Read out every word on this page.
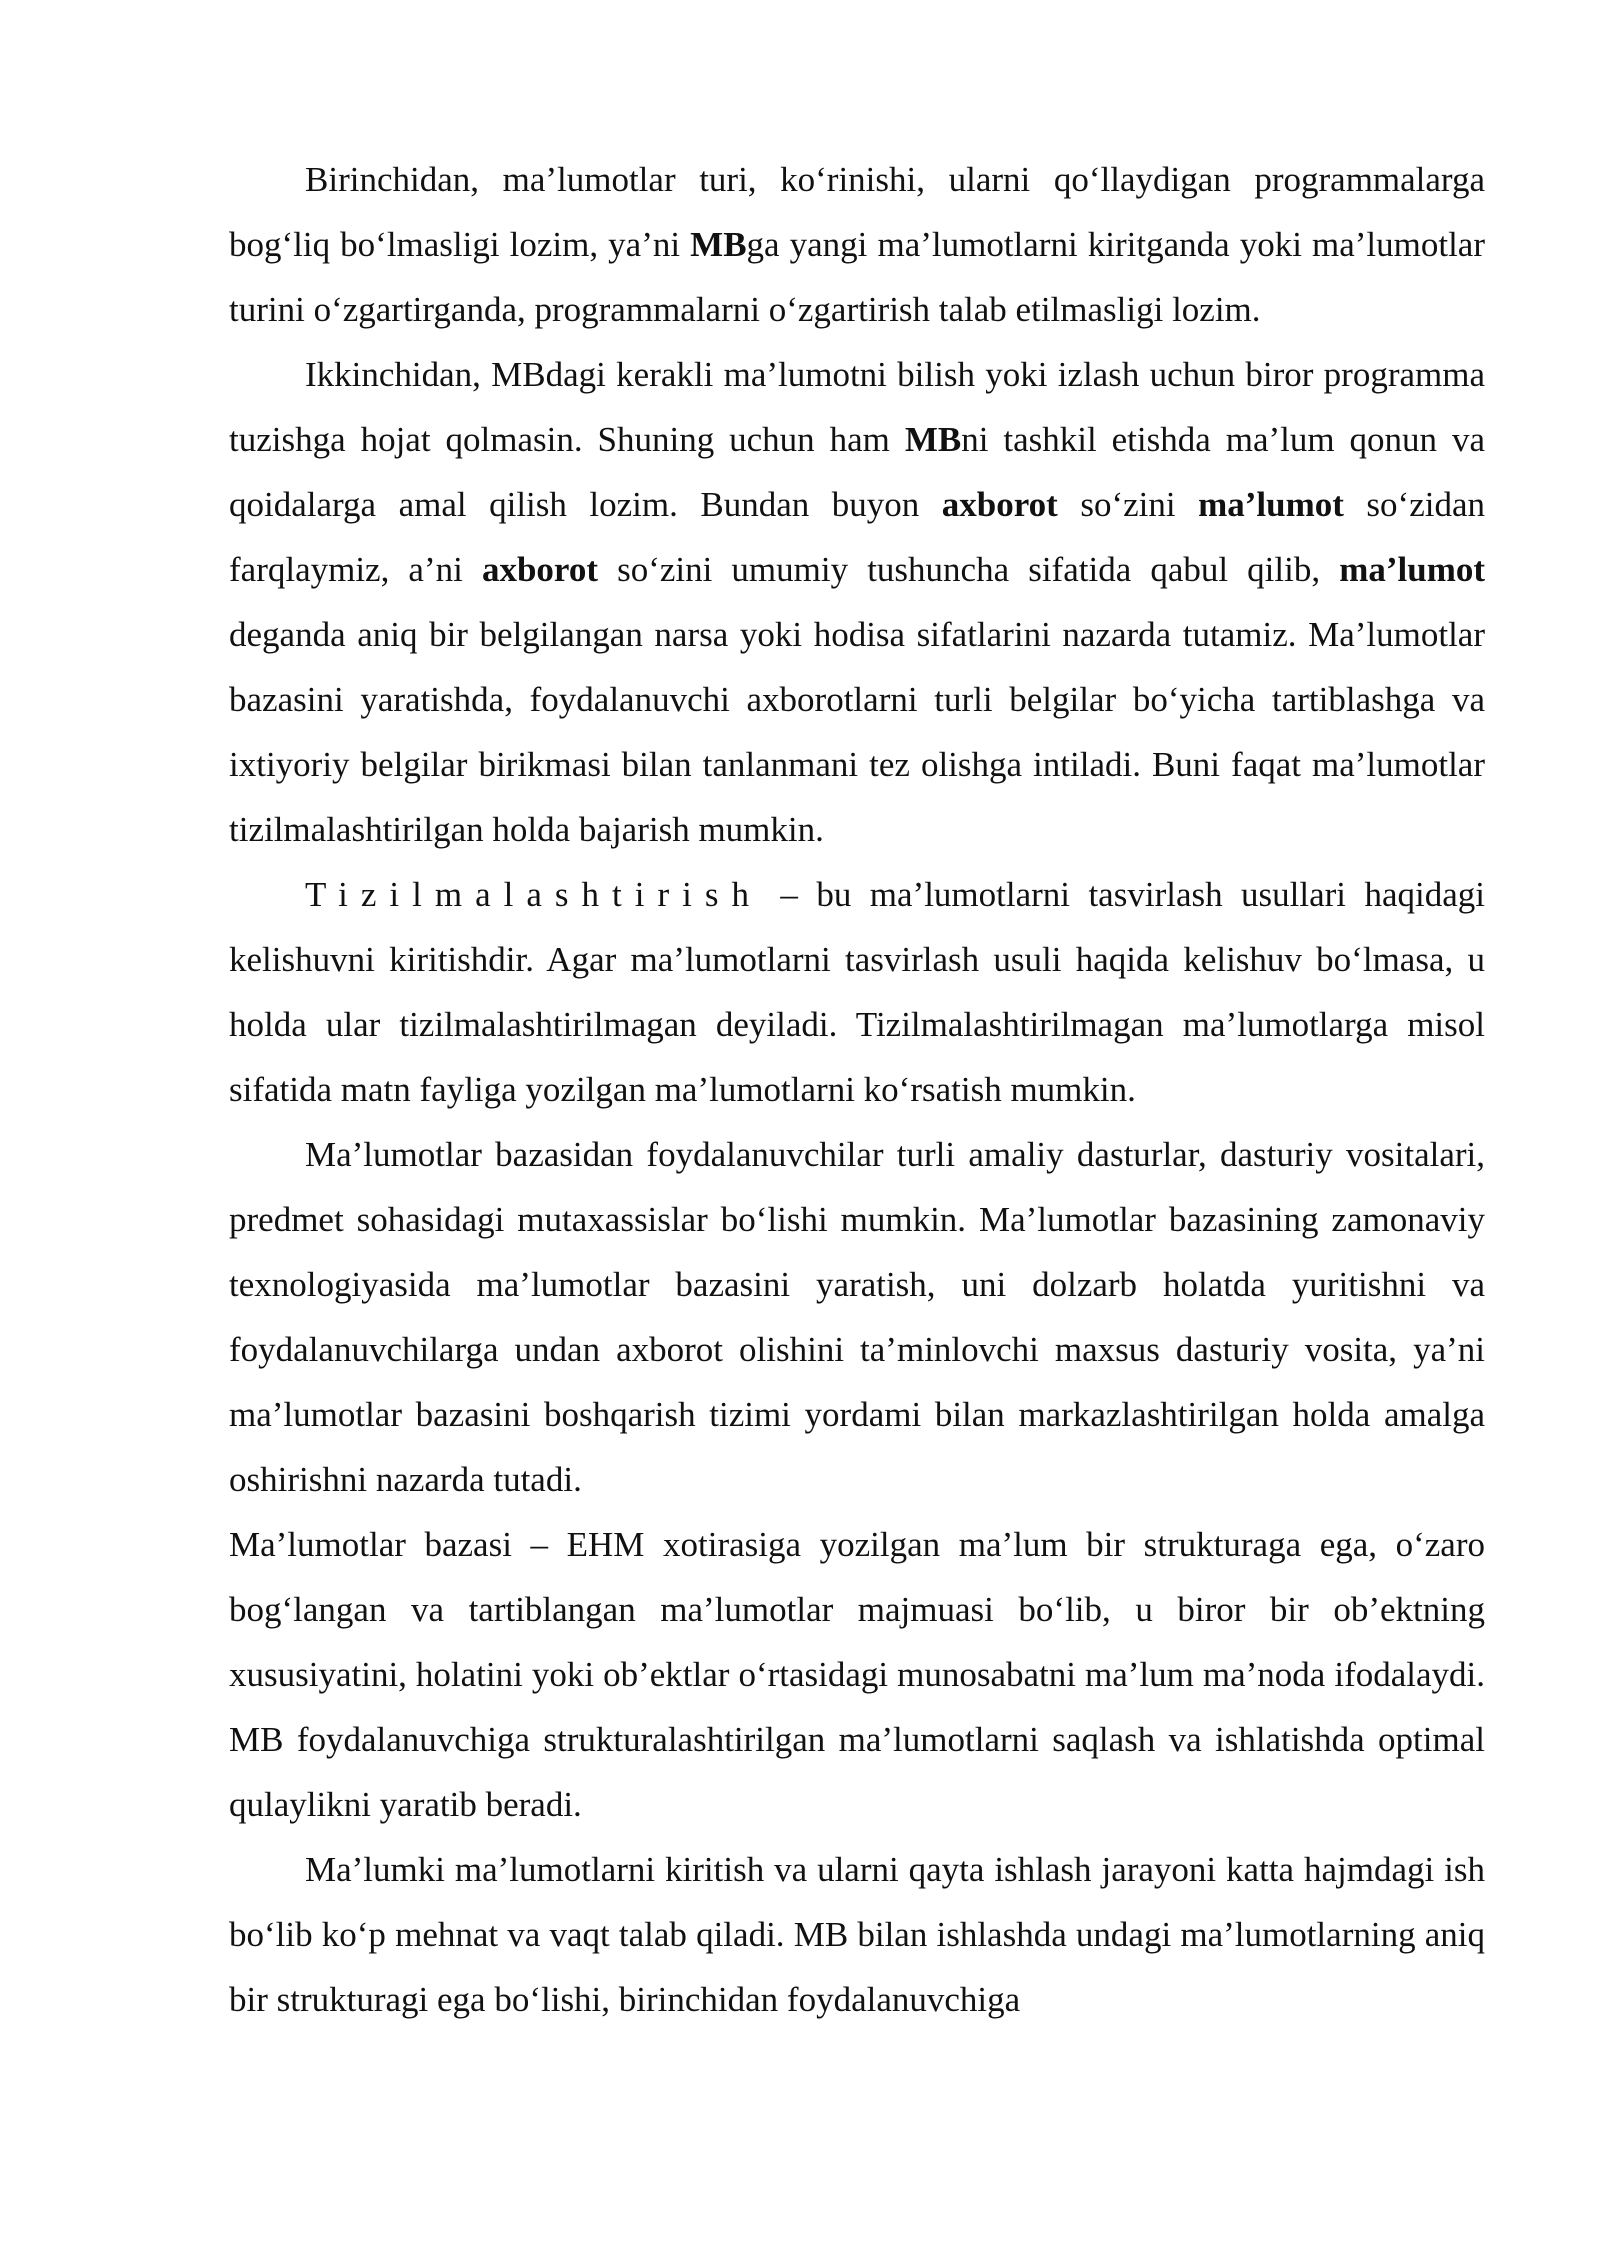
Birinchidan, ma’lumotlar turi, ko‘rinishi, ularni qo‘llaydigan programmalarga bog‘liq bo‘lmasligi lozim, ya’ni MBga yangi ma’lumotlarni kiritganda yoki ma’lumotlar turini o‘zgartirganda, programmalarni o‘zgartirish talab etilmasligi lozim.

Ikkinchidan, MBdagi kerakli ma’lumotni bilish yoki izlash uchun biror programma tuzishga hojat qolmasin. Shuning uchun ham MBni tashkil etishda ma’lum qonun va qoidalarga amal qilish lozim. Bundan buyon axborot so‘zini ma’lumot so‘zidan farqlaymiz, a’ni axborot so‘zini umumiy tushuncha sifatida qabul qilib, ma’lumot deganda aniq bir belgilangan narsa yoki hodisa sifatlarini nazarda tutamiz. Ma’lumotlar bazasini yaratishda, foydalanuvchi axborotlarni turli belgilar bo‘yicha tartiblashga va ixtiyoriy belgilar birikmasi bilan tanlanmani tez olishga intiladi. Buni faqat ma’lumotlar tizilmalashtirilgan holda bajarish mumkin.

Tizilmalashtirish – bu ma’lumotlarni tasvirlash usullari haqidagi kelishuvni kiritishdir. Agar ma’lumotlarni tasvirlash usuli haqida kelishuv bo‘lmasa, u holda ular tizilmalashtirilmagan deyiladi. Tizilmalashtirilmagan ma’lumotlarga misol sifatida matn fayliga yozilgan ma’lumotlarni ko‘rsatish mumkin.

Ma’lumotlar bazasidan foydalanuvchilar turli amaliy dasturlar, dasturiy vositalari, predmet sohasidagi mutaxassislar bo‘lishi mumkin. Ma’lumotlar bazasining zamonaviy texnologiyasida ma’lumotlar bazasini yaratish, uni dolzarb holatda yuritishni va foydalanuvchilarga undan axborot olishini ta’minlovchi maxsus dasturiy vosita, ya’ni ma’lumotlar bazasini boshqarish tizimi yordami bilan markazlashtirilgan holda amalga oshirishni nazarda tutadi.

Ma’lumotlar bazasi – EHM xotirasiga yozilgan ma’lum bir strukturaga ega, o‘zaro bog‘langan va tartiblangan ma’lumotlar majmuasi bo‘lib, u biror bir ob’ektning xususiyatini, holatini yoki ob’ektlar o‘rtasidagi munosabatni ma’lum ma’noda ifodalaydi. MB foydalanuvchiga strukturalashtirilgan ma’lumotlarni saqlash va ishlatishda optimal qulaylikni yaratib beradi.

Ma’lumki ma’lumotlarni kiritish va ularni qayta ishlash jarayoni katta hajmdagi ish bo‘lib ko‘p mehnat va vaqt talab qiladi. MB bilan ishlashda undagi ma’lumotlarning aniq bir strukturagi ega bo‘lishi, birinchidan foydalanuvchiga
